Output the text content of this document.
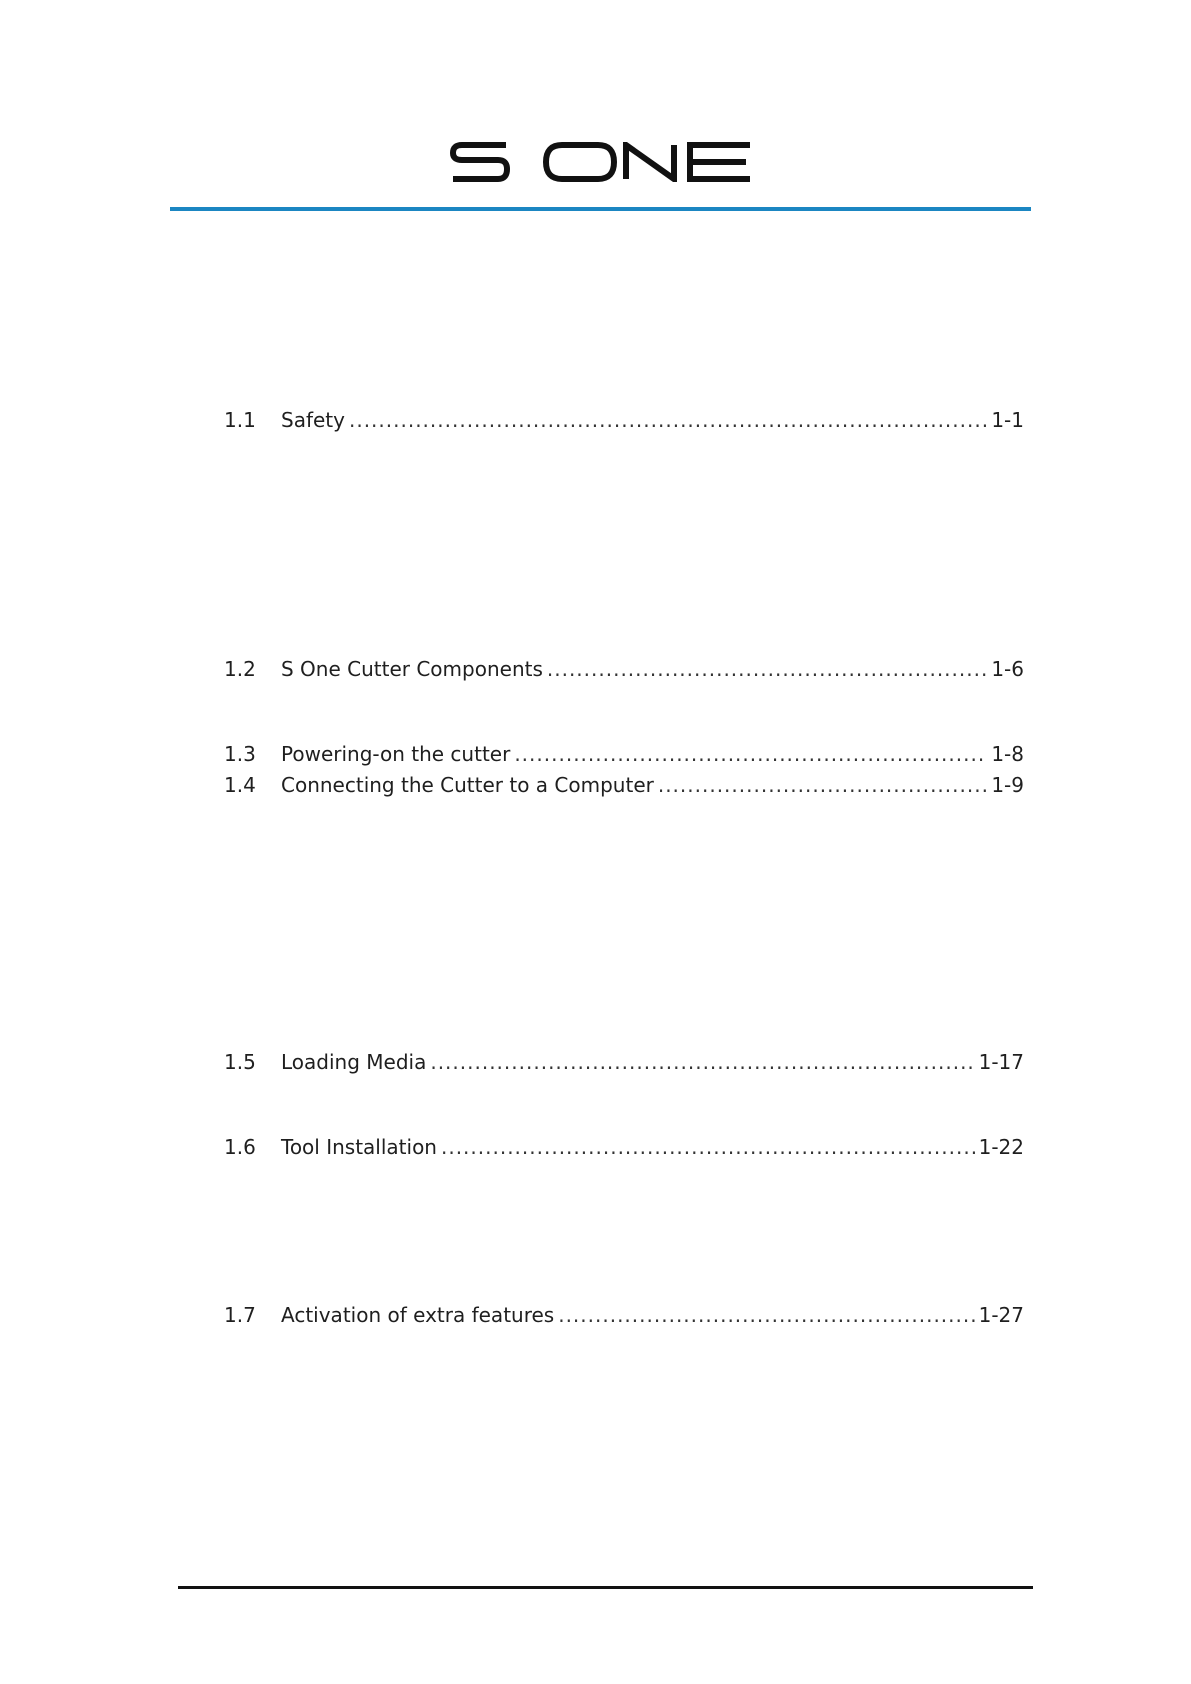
1.1	Safety .....	1-1
1.2	S One Cutter Components .....	1-6
1.3	Powering-on the cutter .....	1-8
1.4	Connecting the Cutter to a Computer .....	1-9
1.5	Loading Media .....	1-17
1.6	Tool Installation .....	1-22
1.7	Activation of extra features .....	1-27
